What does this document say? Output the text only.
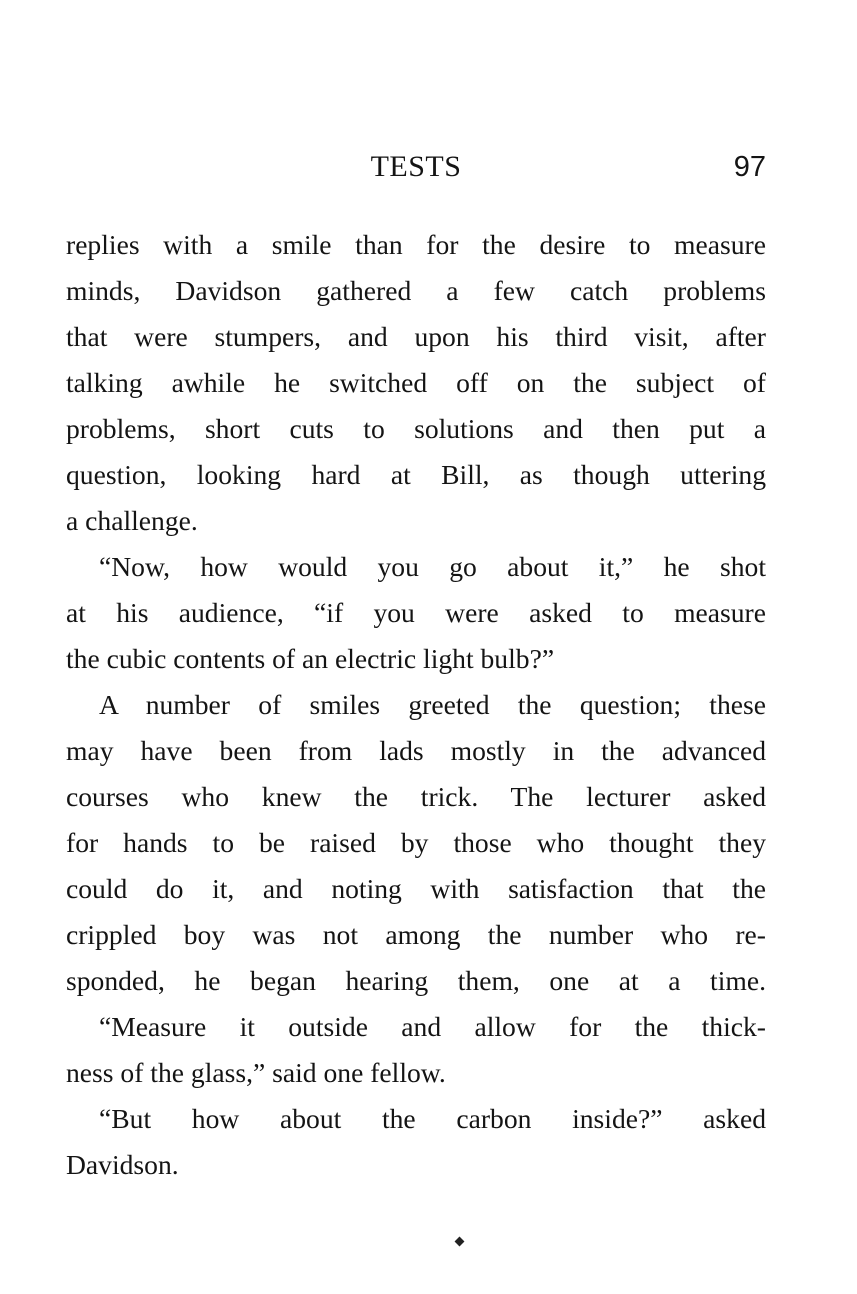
TESTS	97

replies with a smile than for the desire to measure
minds, Davidson gathered a few catch problems
that were stumpers, and upon his third visit, after
talking awhile he switched off on the subject of
problems, short cuts to solutions and then put a
question, looking hard at Bill, as though uttering
a challenge.

“Now, how would you go about it,” he shot
at his audience, “if you were asked to measure
the cubic contents of an electric light bulb?”

A number of smiles greeted the question; these
may have been from lads mostly in the advanced
courses who knew the trick. The lecturer asked
for hands to be raised by those who thought they
could do it, and noting with satisfaction that the
crippled boy was not among the number who re-
sponded, he began hearing them, one at a time.

“Measure it outside and allow for the thick-
ness of the glass,” said one fellow.

“But how about the carbon inside?” asked
Davidson.
